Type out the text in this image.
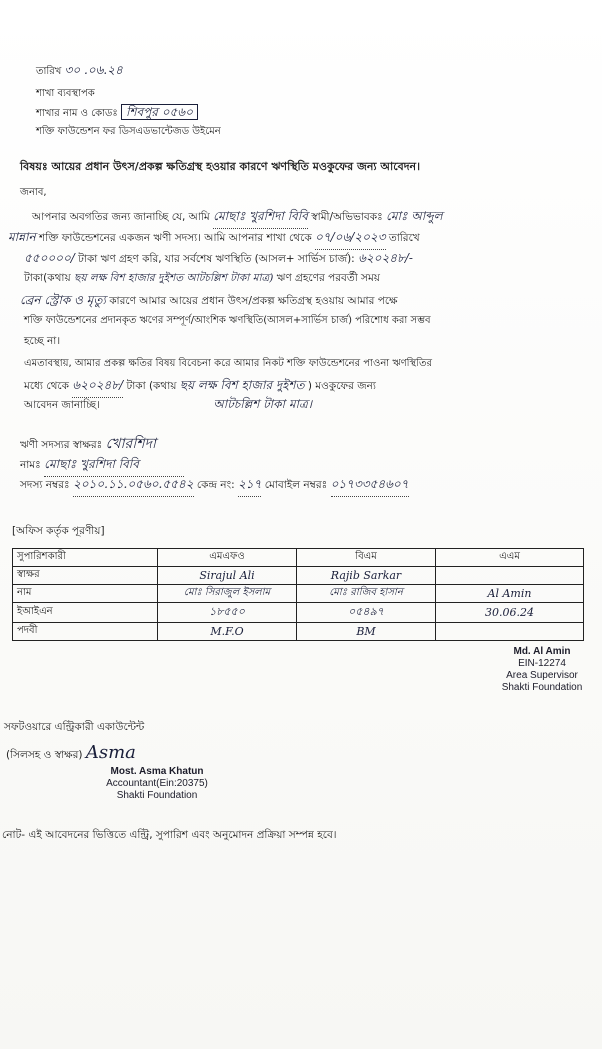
তারিখ ৩০ .০৬.২৪
শাখা ব্যবস্থাপক
শাখার নাম ও কোডঃ শিবপুর ০৫৬০
শক্তি ফাউন্ডেশন ফর ডিসএডভান্টেজড উইমেন
বিষয়ঃ আয়ের প্রধান উৎস/প্রকল্প ক্ষতিগ্রস্থ হওয়ার কারণে ঋণস্থিতি মওকুফের জন্য আবেদন।
জনাব,
আপনার অবগতির জন্য জানাচ্ছি যে, আমি মোছাঃ খুরশিদা বিবি স্বামী/অভিভাবকঃ মোঃ আব্দুল
মান্নান শক্তি ফাউন্ডেশনের একজন ঋণী সদস্য। আমি আপনার শাখা থেকে ০৭/০৬/২০২৩ তারিখে
৫৫০০০০/ টাকা ঋণ গ্রহণ করি, যার সর্বশেষ ঋণস্থিতি (আসল+ সার্ভিস চার্জ): ৬২০২৪৮/-
টাকা(কথায় ছয় লক্ষ বিশ হাজার দুইশত আটচল্লিশ টাকা মাত্র) ঋণ গ্রহণের পরবর্তী সময়
ব্রেন স্ট্রোক ও মৃত্যু কারণে আমার আয়ের প্রধান উৎস/প্রকল্প ক্ষতিগ্রস্থ হওয়ায় আমার পক্ষে
শক্তি ফাউন্ডেশনের প্রদানকৃত ঋণের সম্পূর্ণ/আংশিক ঋণস্থিতি(আসল+সার্ভিস চার্জ) পরিশোধ করা সম্ভব
হচ্ছে না।
এমতাবস্থায়, আমার প্রকল্প ক্ষতির বিষয় বিবেচনা করে আমার নিকট শক্তি ফাউন্ডেশনের পাওনা ঋণস্থিতির
মধ্যে থেকে ৬২০২৪৮/ টাকা (কথায় ছয় লক্ষ বিশ হাজার দুইশত ) মওকুফের জন্য
আবেদন জানাচ্ছি।	আটচল্লিশ টাকা মাত্র।
ঋণী সদস্যর স্বাক্ষরঃ খোরশিদা
নামঃ মোছাঃ খুরশিদা বিবি
সদস্য নম্বরঃ ২০১০.১১.০৫৬০.৫৫৪২ কেন্দ্র নং: ২১৭ মোবাইল নম্বরঃ ০১৭৩৩৫৪৬০৭
[অফিস কর্তৃক পূরণীয়]
সুপারিশকারী	এমএফও	বিএম	এএম
স্বাক্ষর	Sirajul Ali	Rajib Sarkar	
নাম	মোঃ সিরাজুল ইসলাম	মোঃ রাজিব হাসান	Al Amin
ইআইএন	১৮৫৫০	০৫৪৯৭	30.06.24
পদবী	M.F.O	BM	
Md. Al Amin
EIN-12274
Area Supervisor
Shakti Foundation
সফটওয়ারে এন্ট্রিকারী একাউন্টেন্ট
(সিলসহ ও স্বাক্ষর) Asma
Most. Asma Khatun
Accountant(Ein:20375)
Shakti Foundation
নোট- এই আবেদনের ভিত্তিতে এন্ট্রি, সুপারিশ এবং অনুমোদন প্রক্রিয়া সম্পন্ন হবে।
